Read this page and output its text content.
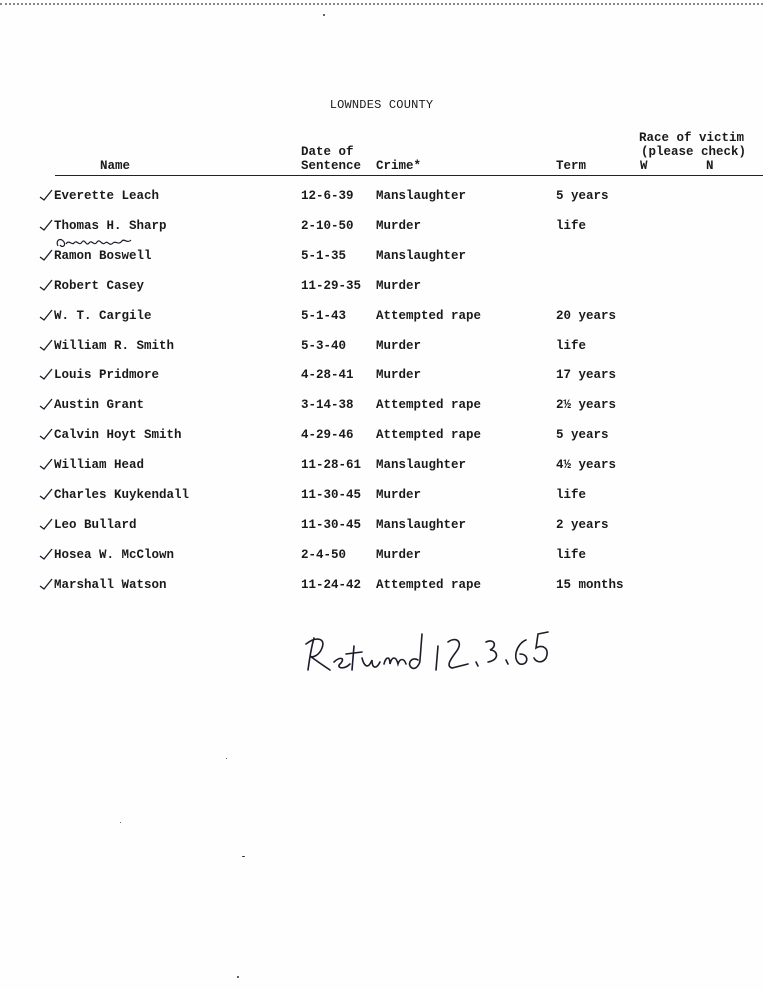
LOWNDES COUNTY
Name
Date of
Sentence Crime*	Term
Race of victim
(please check)
W	N
Everette Leach	12-6-39 Manslaughter	5 years
Thomas H. Sharp	2-10-50 Murder	life
Ramon Boswell	5-1-35 Manslaughter
Robert Casey	11-29-35 Murder
W. T. Cargile	5-1-43 Attempted rape	20 years
William R. Smith	5-3-40 Murder	life
Louis Pridmore	4-28-41 Murder	17 years
Austin Grant	3-14-38 Attempted rape	2½ years
Calvin Hoyt Smith	4-29-46 Attempted rape	5 years
William Head	11-28-61 Manslaughter	4½ years
Charles Kuykendall	11-30-45 Murder	life
Leo Bullard	11-30-45 Manslaughter	2 years
Hosea W. McClown	2-4-50 Murder	life
Marshall Watson	11-24-42 Attempted rape	15 months
